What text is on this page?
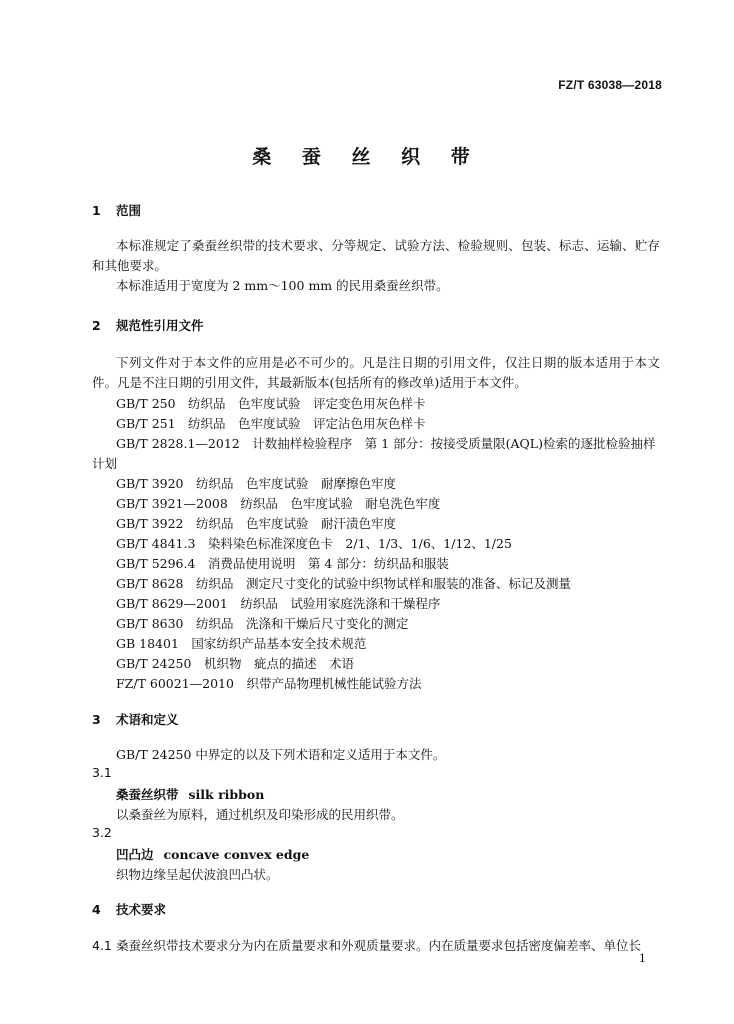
FZ/T 63038—2018
桑 蚕 丝 织 带
1 范围
本标准规定了桑蚕丝织带的技术要求、分等规定、试验方法、检验规则、包装、标志、运输、贮存和其他要求。
本标准适用于宽度为 2 mm～100 mm 的民用桑蚕丝织带。
2 规范性引用文件
下列文件对于本文件的应用是必不可少的。凡是注日期的引用文件，仅注日期的版本适用于本文件。凡是不注日期的引用文件，其最新版本(包括所有的修改单)适用于本文件。
GB/T 250　纺织品　色牢度试验　评定变色用灰色样卡
GB/T 251　纺织品　色牢度试验　评定沾色用灰色样卡
GB/T 2828.1—2012　计数抽样检验程序　第 1 部分：按接受质量限(AQL)检索的逐批检验抽样
计划
GB/T 3920　纺织品　色牢度试验　耐摩擦色牢度
GB/T 3921—2008　纺织品　色牢度试验　耐皂洗色牢度
GB/T 3922　纺织品　色牢度试验　耐汗渍色牢度
GB/T 4841.3　染料染色标准深度色卡　2/1、1/3、1/6、1/12、1/25
GB/T 5296.4　消费品使用说明　第 4 部分：纺织品和服装
GB/T 8628　纺织品　测定尺寸变化的试验中织物试样和服装的准备、标记及测量
GB/T 8629—2001　纺织品　试验用家庭洗涤和干燥程序
GB/T 8630　纺织品　洗涤和干燥后尺寸变化的测定
GB 18401　国家纺织产品基本安全技术规范
GB/T 24250　机织物　疵点的描述　术语
FZ/T 60021—2010　织带产品物理机械性能试验方法
3 术语和定义
GB/T 24250 中界定的以及下列术语和定义适用于本文件。
3.1
桑蚕丝织带 silk ribbon
以桑蚕丝为原料，通过机织及印染形成的民用织带。
3.2
凹凸边 concave convex edge
织物边缘呈起伏波浪凹凸状。
4 技术要求
4.1 桑蚕丝织带技术要求分为内在质量要求和外观质量要求。内在质量要求包括密度偏差率、单位长
1
